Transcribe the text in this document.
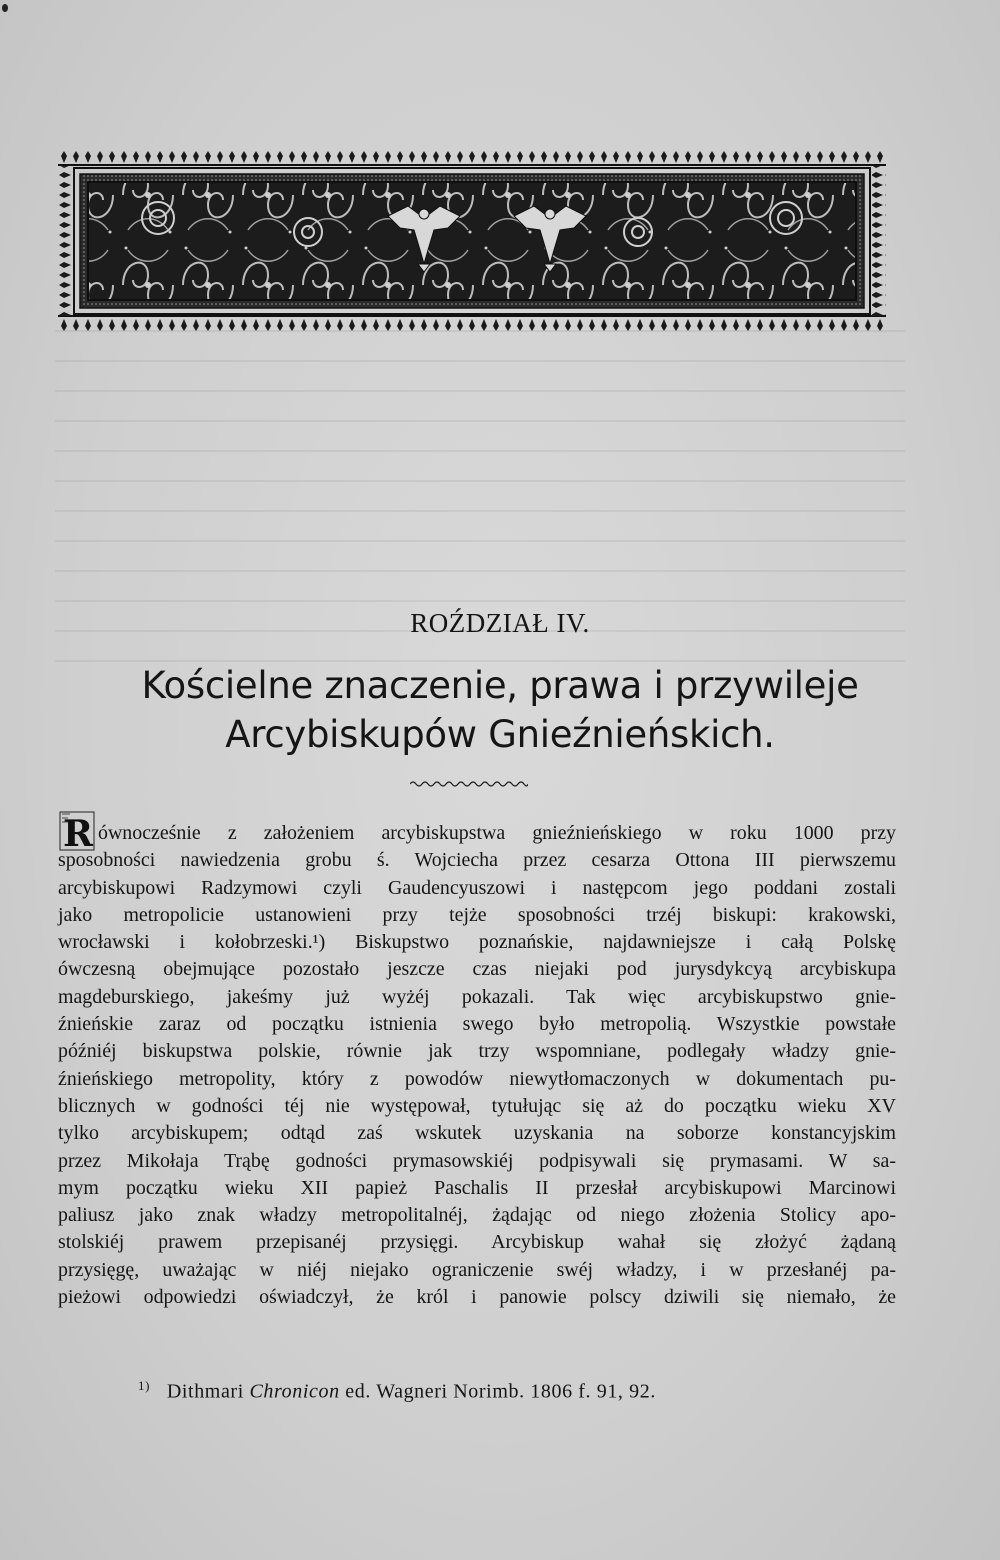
ROŹDZIAŁ IV.
Kościelne znaczenie, prawa i przywileje
Arcybiskupów Gnieźnieńskich.
R ównocześnie z założeniem arcybiskupstwa gnieźnieńskiego w roku 1000 przy
sposobności nawiedzenia grobu ś. Wojciecha przez cesarza Ottona III pierwszemu
arcybiskupowi Radzymowi czyli Gaudencyuszowi i następcom jego poddani zostali
jako metropolicie ustanowieni przy tejże sposobności trzéj biskupi: krakowski,
wrocławski i kołobrzeski.¹) Biskupstwo poznańskie, najdawniejsze i całą Polskę
ówczesną obejmujące pozostało jeszcze czas niejaki pod jurysdykcyą arcybiskupa
magdeburskiego, jakeśmy już wyżéj pokazali. Tak więc arcybiskupstwo gnie-
źnieńskie zaraz od początku istnienia swego było metropolią. Wszystkie powstałe
późniéj biskupstwa polskie, równie jak trzy wspomniane, podlegały władzy gnie-
źnieńskiego metropolity, który z powodów niewytłomaczonych w dokumentach pu-
blicznych w godności téj nie występował, tytułując się aż do początku wieku XV
tylko arcybiskupem; odtąd zaś wskutek uzyskania na soborze konstancyjskim
przez Mikołaja Trąbę godności prymasowskiéj podpisywali się prymasami. W sa-
mym początku wieku XII papież Paschalis II przesłał arcybiskupowi Marcinowi
paliusz jako znak władzy metropolitalnéj, żądając od niego złożenia Stolicy apo-
stolskiéj prawem przepisanéj przysięgi. Arcybiskup wahał się złożyć żądaną
przysięgę, uważając w niéj niejako ograniczenie swéj władzy, i w przesłanéj pa-
pieżowi odpowiedzi oświadczył, że król i panowie polscy dziwili się niemało, że
$^{1)}$ Dithmari Chronicon ed. Wagneri Norimb. 1806 f. 91, 92.
